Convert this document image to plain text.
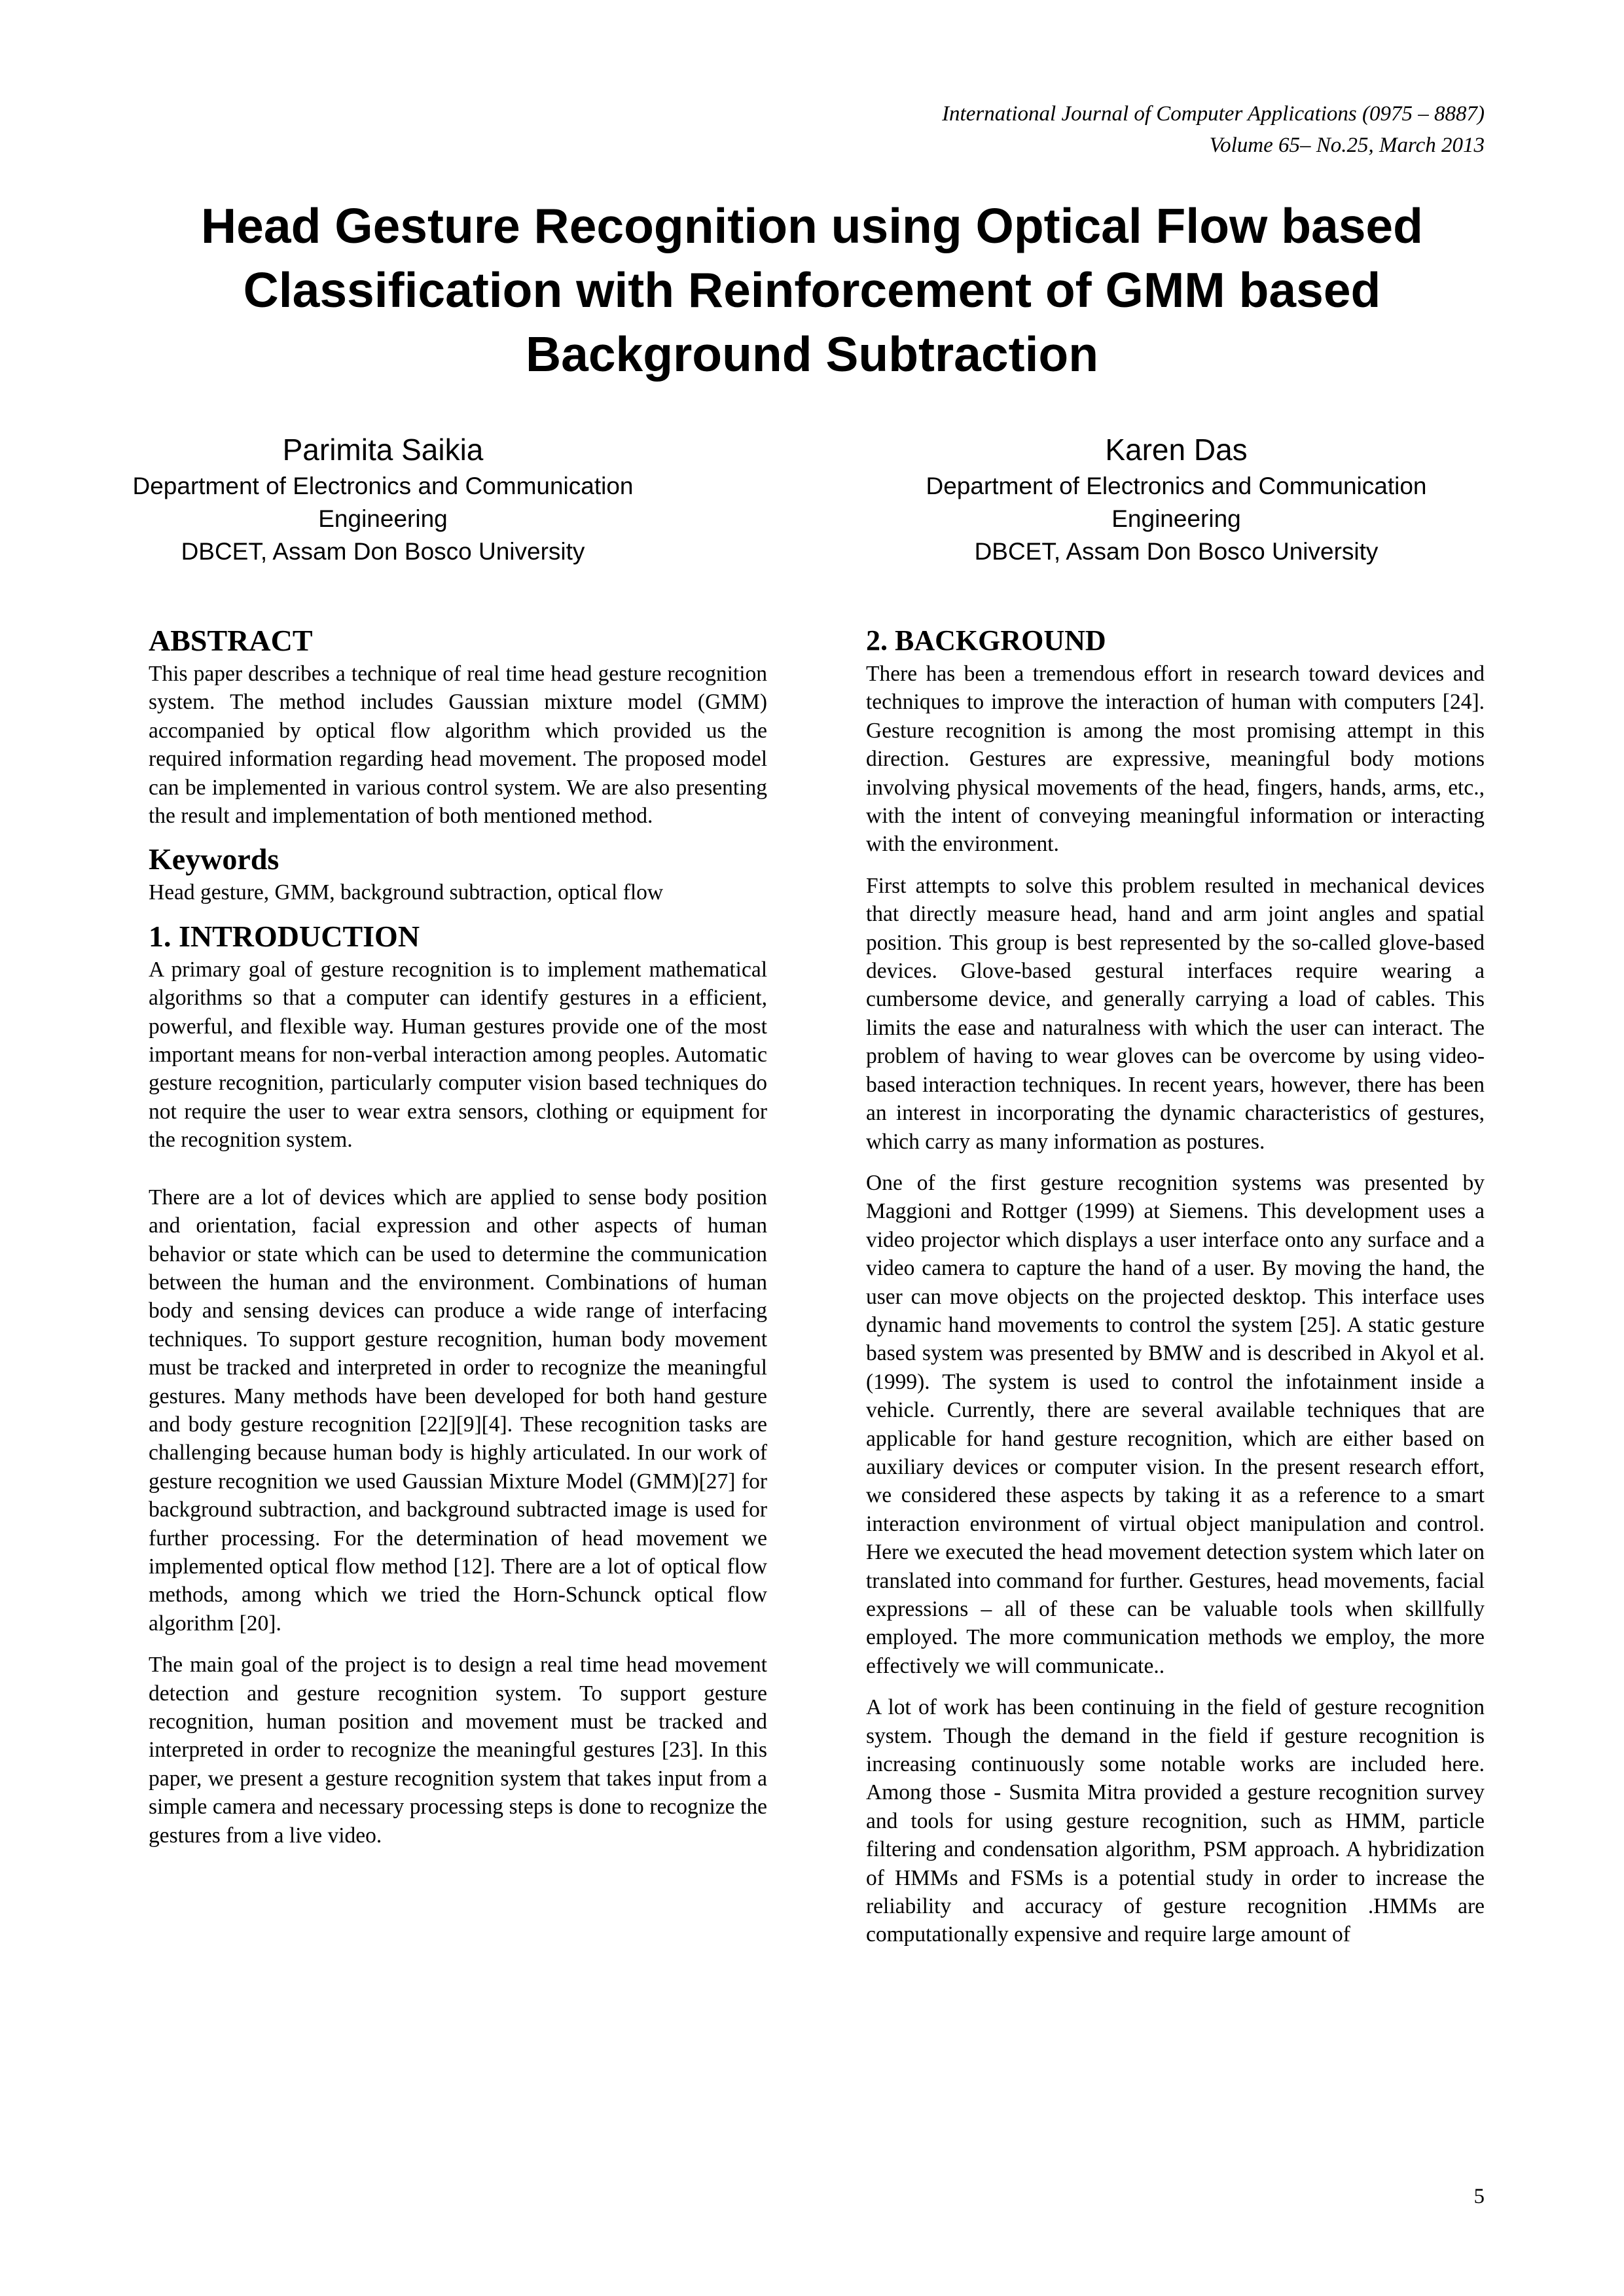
International Journal of Computer Applications (0975 – 8887)
Volume 65– No.25, March 2013
Head Gesture Recognition using Optical Flow based
Classification with Reinforcement of GMM based
Background Subtraction
Parimita Saikia
Department of Electronics and Communication
Engineering
DBCET, Assam Don Bosco University
Karen Das
Department of Electronics and Communication
Engineering
DBCET, Assam Don Bosco University
ABSTRACT

This paper describes a technique of real time head gesture recognition system. The method includes Gaussian mixture model (GMM) accompanied by optical flow algorithm which provided us the required information regarding head movement. The proposed model can be implemented in various control system. We are also presenting the result and implementation of both mentioned method.

Keywords

Head gesture, GMM, background subtraction, optical flow

1. INTRODUCTION

A primary goal of gesture recognition is to implement mathematical algorithms so that a computer can identify gestures in a efficient, powerful, and flexible way. Human gestures provide one of the most important means for non-verbal interaction among peoples. Automatic gesture recognition, particularly computer vision based techniques do not require the user to wear extra sensors, clothing or equipment for the recognition system.

There are a lot of devices which are applied to sense body position and orientation, facial expression and other aspects of human behavior or state which can be used to determine the communication between the human and the environment. Combinations of human body and sensing devices can produce a wide range of interfacing techniques. To support gesture recognition, human body movement must be tracked and interpreted in order to recognize the meaningful gestures. Many methods have been developed for both hand gesture and body gesture recognition [22][9][4]. These recognition tasks are challenging because human body is highly articulated. In our work of gesture recognition we used Gaussian Mixture Model (GMM)[27] for background subtraction, and background subtracted image is used for further processing. For the determination of head movement we implemented optical flow method [12]. There are a lot of optical flow methods, among which we tried the Horn-Schunck optical flow algorithm [20].

The main goal of the project is to design a real time head movement detection and gesture recognition system. To support gesture recognition, human position and movement must be tracked and interpreted in order to recognize the meaningful gestures [23]. In this paper, we present a gesture recognition system that takes input from a simple camera and necessary processing steps is done to recognize the gestures from a live video.

2. BACKGROUND

There has been a tremendous effort in research toward devices and techniques to improve the interaction of human with computers [24]. Gesture recognition is among the most promising attempt in this direction. Gestures are expressive, meaningful body motions involving physical movements of the head, fingers, hands, arms, etc., with the intent of conveying meaningful information or interacting with the environment.

First attempts to solve this problem resulted in mechanical devices that directly measure head, hand and arm joint angles and spatial position. This group is best represented by the so-called glove-based devices. Glove-based gestural interfaces require wearing a cumbersome device, and generally carrying a load of cables. This limits the ease and naturalness with which the user can interact. The problem of having to wear gloves can be overcome by using video-based interaction techniques. In recent years, however, there has been an interest in incorporating the dynamic characteristics of gestures, which carry as many information as postures.

One of the first gesture recognition systems was presented by Maggioni and Rottger (1999) at Siemens. This development uses a video projector which displays a user interface onto any surface and a video camera to capture the hand of a user. By moving the hand, the user can move objects on the projected desktop. This interface uses dynamic hand movements to control the system [25]. A static gesture based system was presented by BMW and is described in Akyol et al. (1999). The system is used to control the infotainment inside a vehicle. Currently, there are several available techniques that are applicable for hand gesture recognition, which are either based on auxiliary devices or computer vision. In the present research effort, we considered these aspects by taking it as a reference to a smart interaction environment of virtual object manipulation and control. Here we executed the head movement detection system which later on translated into command for further. Gestures, head movements, facial expressions – all of these can be valuable tools when skillfully employed. The more communication methods we employ, the more effectively we will communicate..

A lot of work has been continuing in the field of gesture recognition system. Though the demand in the field if gesture recognition is increasing continuously some notable works are included here. Among those - Susmita Mitra provided a gesture recognition survey and tools for using gesture recognition, such as HMM, particle filtering and condensation algorithm, PSM approach. A hybridization of HMMs and FSMs is a potential study in order to increase the reliability and accuracy of gesture recognition .HMMs are computationally expensive and require large amount of

5
